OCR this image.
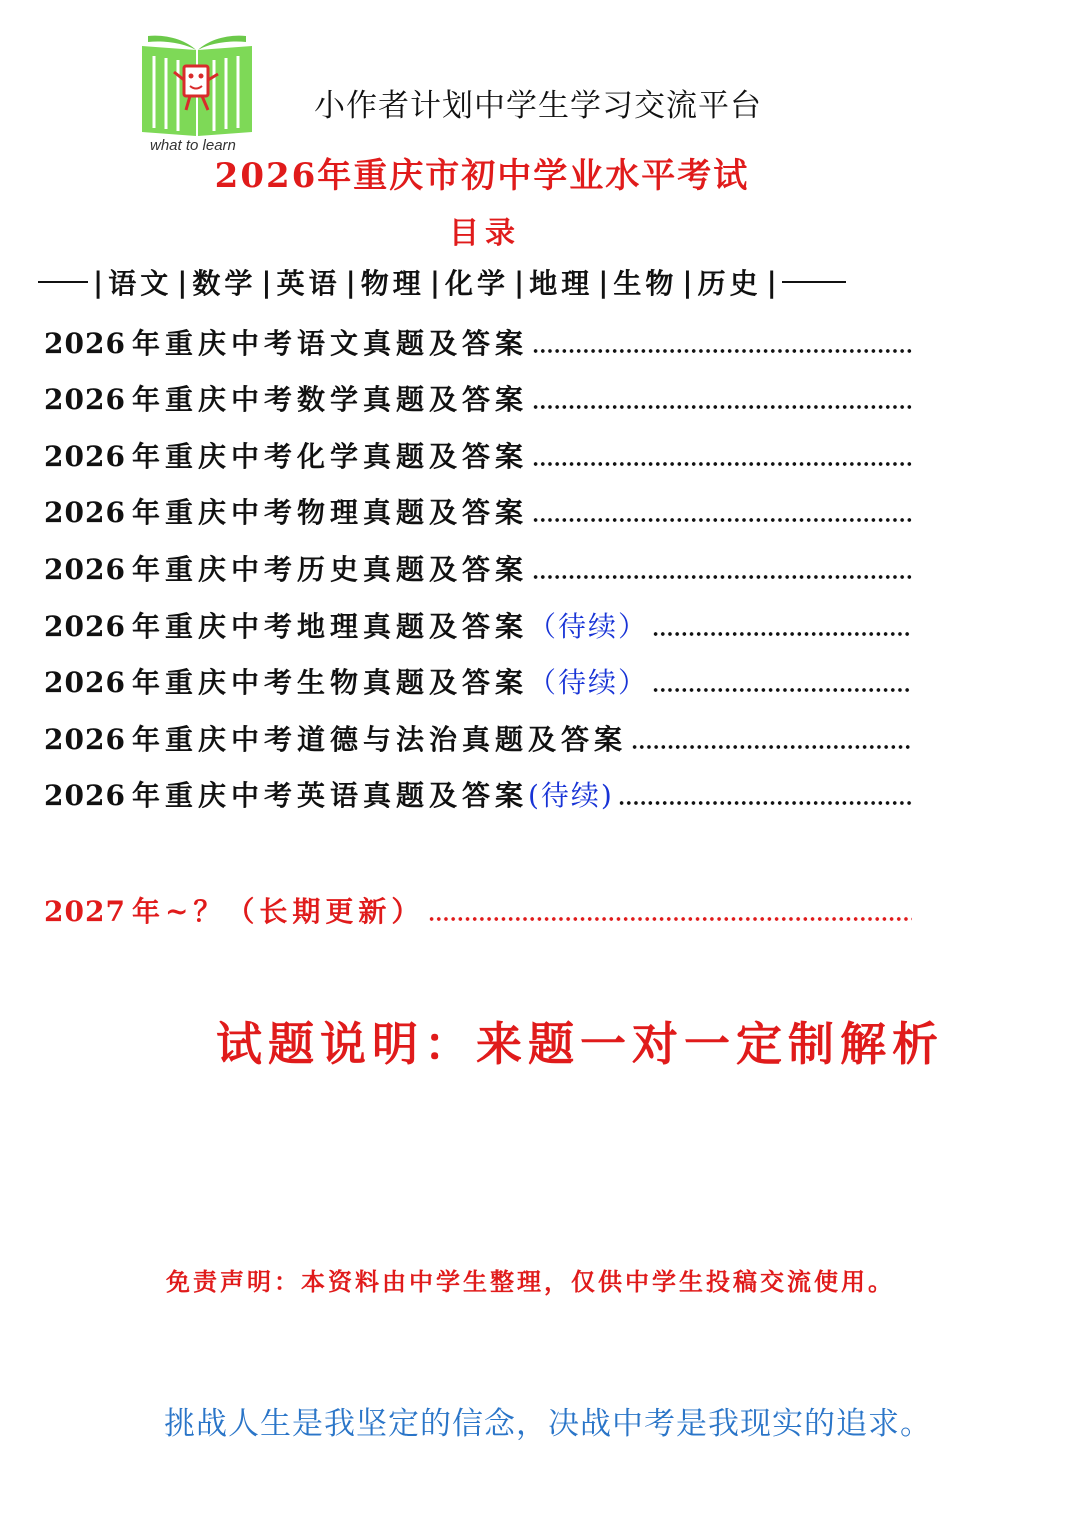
what to learn
小作者计划中学生学习交流平台
2026年重庆市初中学业水平考试
目录
| 语文 | 数学 | 英语 | 物理 | 化学 | 地理 | 生物 | 历史 |
2026 年重庆中考语文真题及答案
2026 年重庆中考数学真题及答案
2026 年重庆中考化学真题及答案
2026 年重庆中考物理真题及答案
2026 年重庆中考历史真题及答案
2026 年重庆中考地理真题及答案 （待续）
2026 年重庆中考生物真题及答案 （待续）
2026 年重庆中考道德与法治真题及答案
2026 年重庆中考英语真题及答案 (待续)
2027 年~？（长期更新）
试题说明：来题一对一定制解析
免责声明：本资料由中学生整理，仅供中学生投稿交流使用。
挑战人生是我坚定的信念，决战中考是我现实的追求。
